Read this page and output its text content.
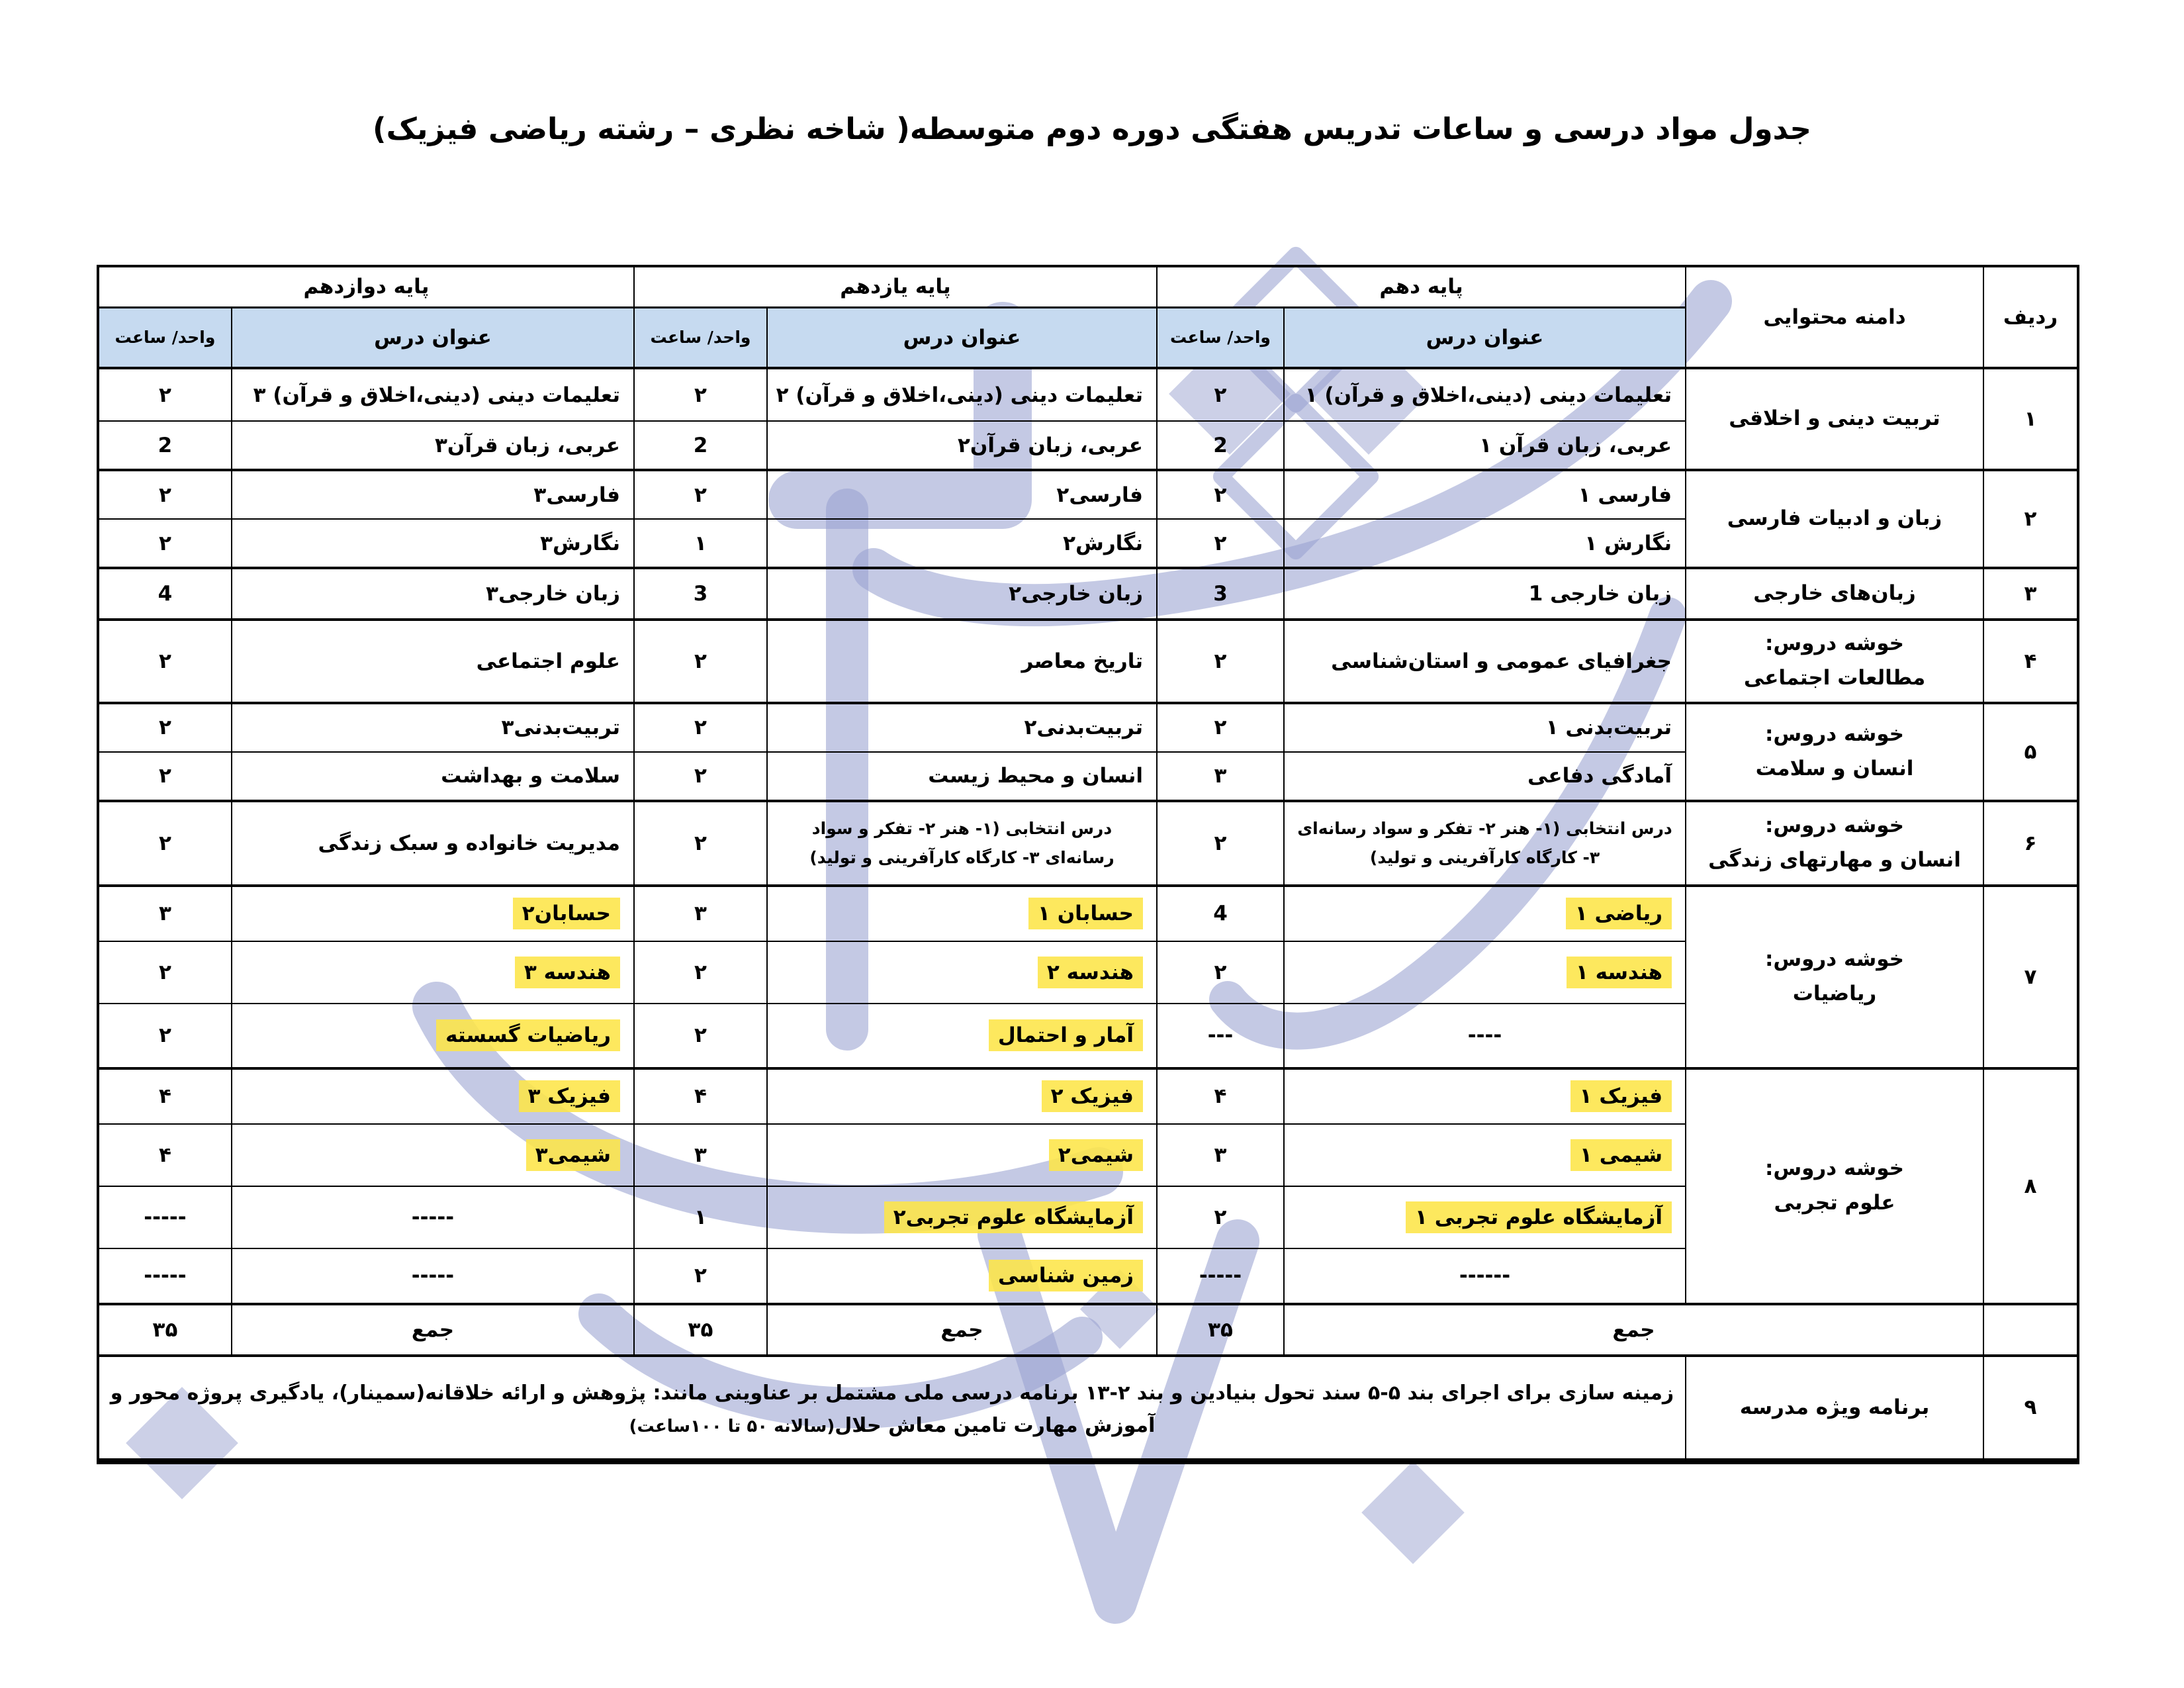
جدول مواد درسی و ساعات تدریس هفتگی دوره دوم متوسطه( شاخه نظری – رشته ریاضی فیزیک)
ردیف	دامنه محتوایی	پایه دهم		پایه یازدهم		پایه دوازدهم	
		عنوان درس	واحد/ ساعت	عنوان درس	واحد/ ساعت	عنوان درس	واحد/ ساعت
۱	تربیت دینی و اخلاقی	تعلیمات دینی (دینی،اخلاق و قرآن) ۱	۲	تعلیمات دینی (دینی،اخلاق و قرآن) ۲	۲	تعلیمات دینی (دینی،اخلاق و قرآن) ۳	۲
		عربی، زبان قرآن ۱	2	عربی، زبان قرآن۲	2	عربی، زبان قرآن۳	2
۲	زبان و ادبیات فارسی	فارسی ۱	۲	فارسی۲	۲	فارسی۳	۲
		نگارش ۱	۲	نگارش۲	۱	نگارش۳	۲
۳	زبان‌های خارجی	زبان خارجی 1	3	زبان خارجی۲	3	زبان خارجی۳	4
۴	خوشه دروس:
مطالعات اجتماعی	جغرافیای عمومی و استان‌شناسی	۲	تاریخ معاصر	۲	علوم اجتماعی	۲
۵	خوشه دروس:
انسان و سلامت	تربیت‌بدنی ۱	۲	تربیت‌بدنی۲	۲	تربیت‌بدنی۳	۲
		آمادگی دفاعی	۳	انسان و محیط زیست	۲	سلامت و بهداشت	۲
۶	خوشه دروس:
انسان و مهارتهای زندگی	درس انتخابی (۱- هنر ۲- تفکر و سواد رسانه‌ای ۳- کارگاه کارآفرینی و تولید)	۲	درس انتخابی (۱- هنر ۲- تفکر و سواد رسانه‌ای ۳- کارگاه کارآفرینی و تولید)	۲	مدیریت خانواده و سبک زندگی	۲
۷	خوشه دروس:
ریاضیات	ریاضی ۱	4	حسابان ۱	۳	حسابان۲	۳
		هندسه ۱	۲	هندسه ۲	۲	هندسه ۳	۲
		----	---	آمار و احتمال	۲	ریاضیات گسسته	۲
۸	خوشه دروس:
علوم تجربی	فیزیک ۱	۴	فیزیک ۲	۴	فیزیک ۳	۴
		شیمی ۱	۳	شیمی۲	۳	شیمی۳	۴
		آزمایشگاه علوم تجربی ۱	۲	آزمایشگاه علوم تجربی۲	۱	-----	-----
		------	-----	زمین شناسی	۲	-----	-----
	جمع		۳۵	جمع	۳۵	جمع	۳۵
۹	برنامه ویژه مدرسه	زمینه سازی برای اجرای بند ۵-۵ سند تحول بنیادین و بند ۲-۱۳ برنامه درسی ملی مشتمل بر عناوینی مانند: پژوهش و ارائه خلاقانه(سمینار)، یادگیری پروژه محور و
آموزش مهارت تامین معاش حلال(سالانه ۵۰ تا ۱۰۰ساعت)					
